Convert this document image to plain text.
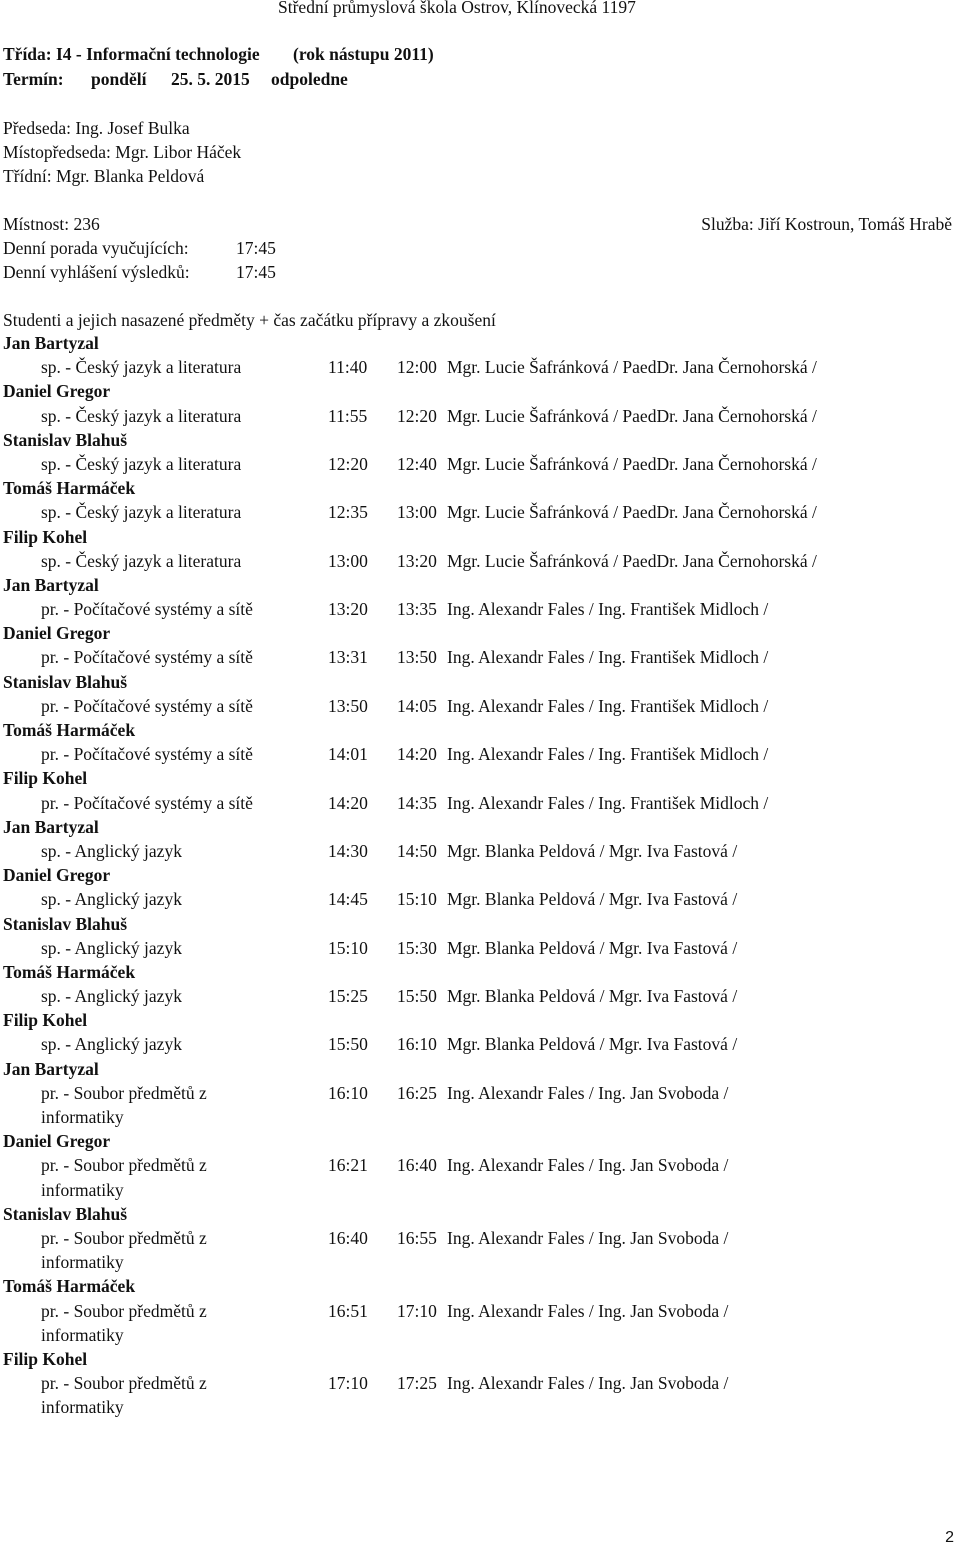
Střední průmyslová škola Ostrov, Klínovecká 1197
Třída: I4 - Informační technologie (rok nástupu 2011)
Termín: pondělí 25. 5. 2015 odpoledne
Předseda: Ing. Josef Bulka
Místopředseda: Mgr. Libor Háček
Třídní: Mgr. Blanka Peldová
Místnost: 236	Služba: Jiří Kostroun, Tomáš Hrabě
Denní porada vyučujících:	17:45
Denní vyhlášení výsledků:	17:45
Studenti a jejich nasazené předměty + čas začátku přípravy a zkoušení
Jan Bartyzal
sp. - Český jazyk a literatura	11:40 12:00 Mgr. Lucie Šafránková / PaedDr. Jana Černohorská /
Daniel Gregor
sp. - Český jazyk a literatura	11:55 12:20 Mgr. Lucie Šafránková / PaedDr. Jana Černohorská /
Stanislav Blahuš
sp. - Český jazyk a literatura	12:20 12:40 Mgr. Lucie Šafránková / PaedDr. Jana Černohorská /
Tomáš Harmáček
sp. - Český jazyk a literatura	12:35 13:00 Mgr. Lucie Šafránková / PaedDr. Jana Černohorská /
Filip Kohel
sp. - Český jazyk a literatura	13:00 13:20 Mgr. Lucie Šafránková / PaedDr. Jana Černohorská /
Jan Bartyzal
pr. - Počítačové systémy a sítě	13:20 13:35 Ing. Alexandr Fales / Ing. František Midloch /
Daniel Gregor
pr. - Počítačové systémy a sítě	13:31 13:50 Ing. Alexandr Fales / Ing. František Midloch /
Stanislav Blahuš
pr. - Počítačové systémy a sítě	13:50 14:05 Ing. Alexandr Fales / Ing. František Midloch /
Tomáš Harmáček
pr. - Počítačové systémy a sítě	14:01 14:20 Ing. Alexandr Fales / Ing. František Midloch /
Filip Kohel
pr. - Počítačové systémy a sítě	14:20 14:35 Ing. Alexandr Fales / Ing. František Midloch /
Jan Bartyzal
sp. - Anglický jazyk	14:30 14:50 Mgr. Blanka Peldová / Mgr. Iva Fastová /
Daniel Gregor
sp. - Anglický jazyk	14:45 15:10 Mgr. Blanka Peldová / Mgr. Iva Fastová /
Stanislav Blahuš
sp. - Anglický jazyk	15:10 15:30 Mgr. Blanka Peldová / Mgr. Iva Fastová /
Tomáš Harmáček
sp. - Anglický jazyk	15:25 15:50 Mgr. Blanka Peldová / Mgr. Iva Fastová /
Filip Kohel
sp. - Anglický jazyk	15:50 16:10 Mgr. Blanka Peldová / Mgr. Iva Fastová /
Jan Bartyzal
pr. - Soubor předmětů z informatiky
16:10 16:25 Ing. Alexandr Fales / Ing. Jan Svoboda /
Daniel Gregor
pr. - Soubor předmětů z informatiky
16:21 16:40 Ing. Alexandr Fales / Ing. Jan Svoboda /
Stanislav Blahuš
pr. - Soubor předmětů z informatiky
16:40 16:55 Ing. Alexandr Fales / Ing. Jan Svoboda /
Tomáš Harmáček
pr. - Soubor předmětů z informatiky
16:51 17:10 Ing. Alexandr Fales / Ing. Jan Svoboda /
Filip Kohel
pr. - Soubor předmětů z informatiky
17:10 17:25 Ing. Alexandr Fales / Ing. Jan Svoboda /
2
